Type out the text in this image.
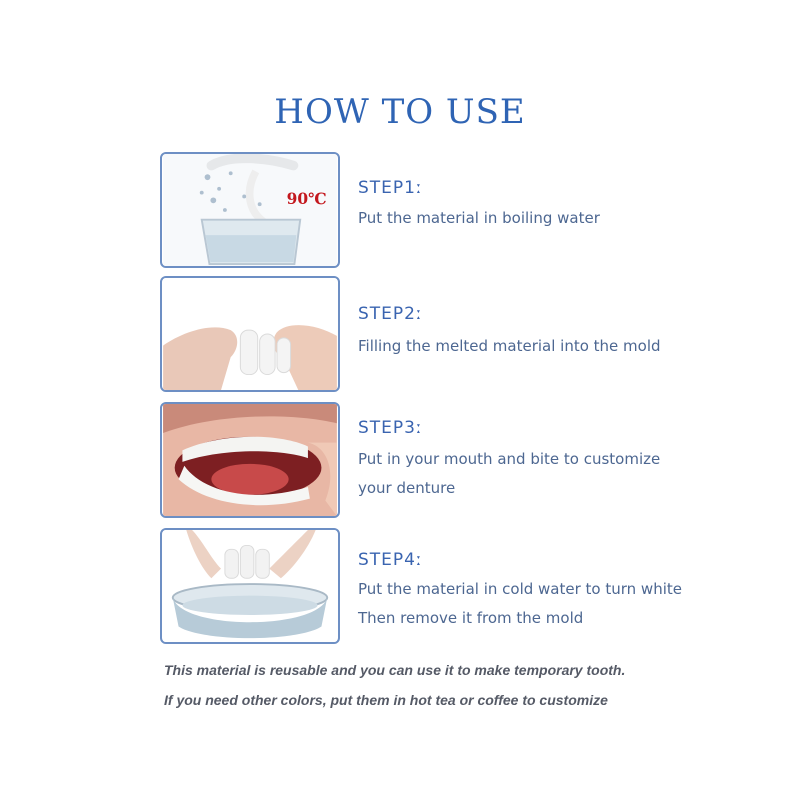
HOW TO USE
90℃
STEP1ː
Put the material in boiling water
STEP2ː
Filling the melted material into the mold
STEP3ː
Put in your mouth and bite to customize
your denture
STEP4ː
Put the material in cold water to turn white
Then remove it from the mold
This material is reusable and you can use it to make temporary tooth.
If you need other colors, put them in hot tea or coffee to customize
